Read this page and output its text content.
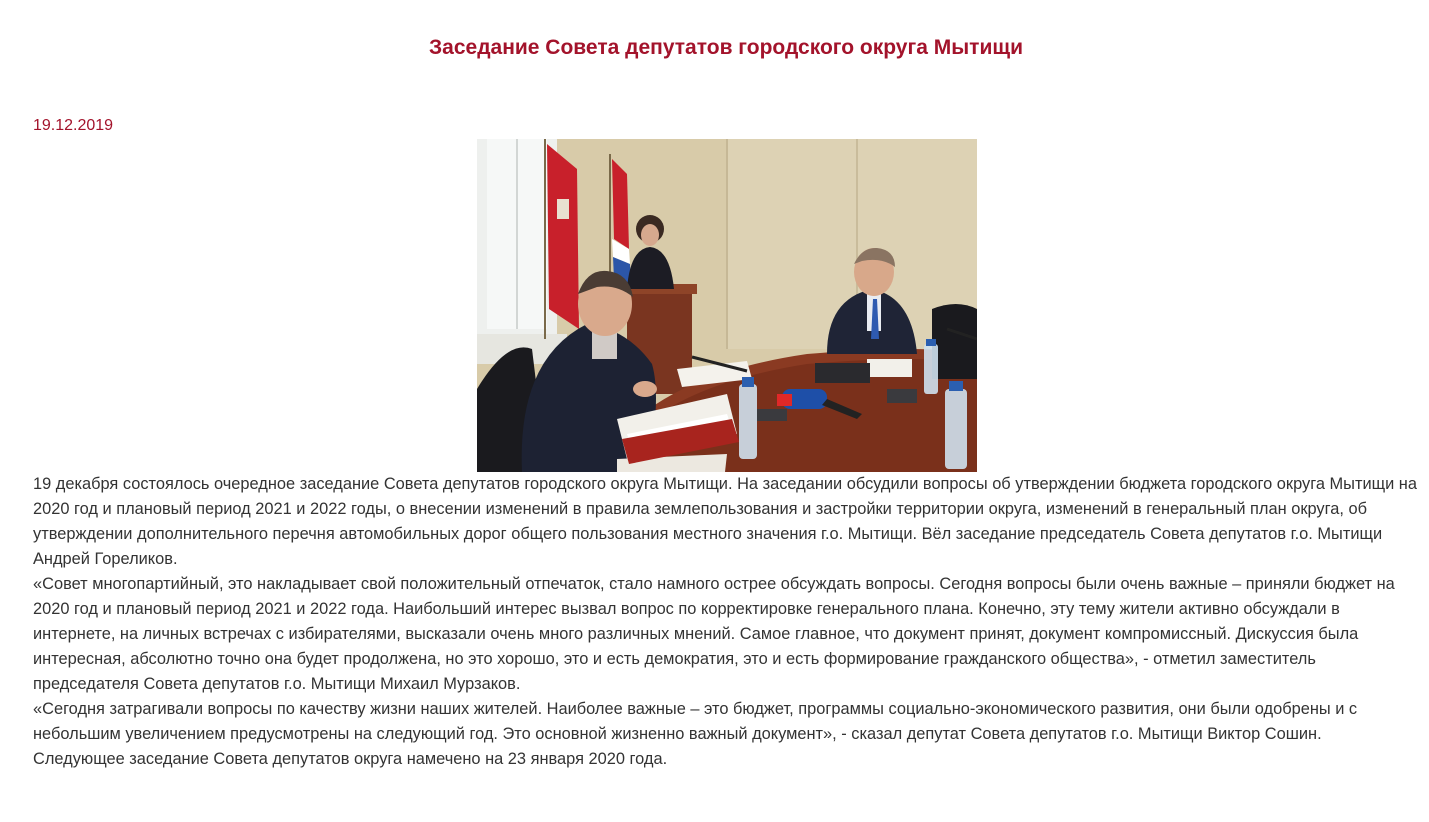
Заседание Совета депутатов городского округа Мытищи
19.12.2019

19 декабря состоялось очередное заседание Совета депутатов городского округа Мытищи. На заседании обсудили вопросы об утверждении бюджета городского округа Мытищи на 2020 год и плановый период 2021 и 2022 годы, о внесении изменений в правила землепользования и застройки территории округа, изменений в генеральный план округа, об утверждении дополнительного перечня автомобильных дорог общего пользования местного значения г.о. Мытищи. Вёл заседание председатель Совета депутатов г.о. Мытищи Андрей Гореликов.

«Совет многопартийный, это накладывает свой положительный отпечаток, стало намного острее обсуждать вопросы. Сегодня вопросы были очень важные – приняли бюджет на 2020 год и плановый период 2021 и 2022 года. Наибольший интерес вызвал вопрос по корректировке генерального плана. Конечно, эту тему жители активно обсуждали в интернете, на личных встречах с избирателями, высказали очень много различных мнений. Самое главное, что документ принят, документ компромиссный. Дискуссия была интересная, абсолютно точно она будет продолжена, но это хорошо, это и есть демократия, это и есть формирование гражданского общества», - отметил заместитель председателя Совета депутатов г.о. Мытищи Михаил Мурзаков.

«Сегодня затрагивали вопросы по качеству жизни наших жителей. Наиболее важные – это бюджет, программы социально-экономического развития, они были одобрены и с небольшим увеличением предусмотрены на следующий год. Это основной жизненно важный документ», - сказал депутат Совета депутатов г.о. Мытищи Виктор Сошин.

Следующее заседание Совета депутатов округа намечено на 23 января 2020 года.
